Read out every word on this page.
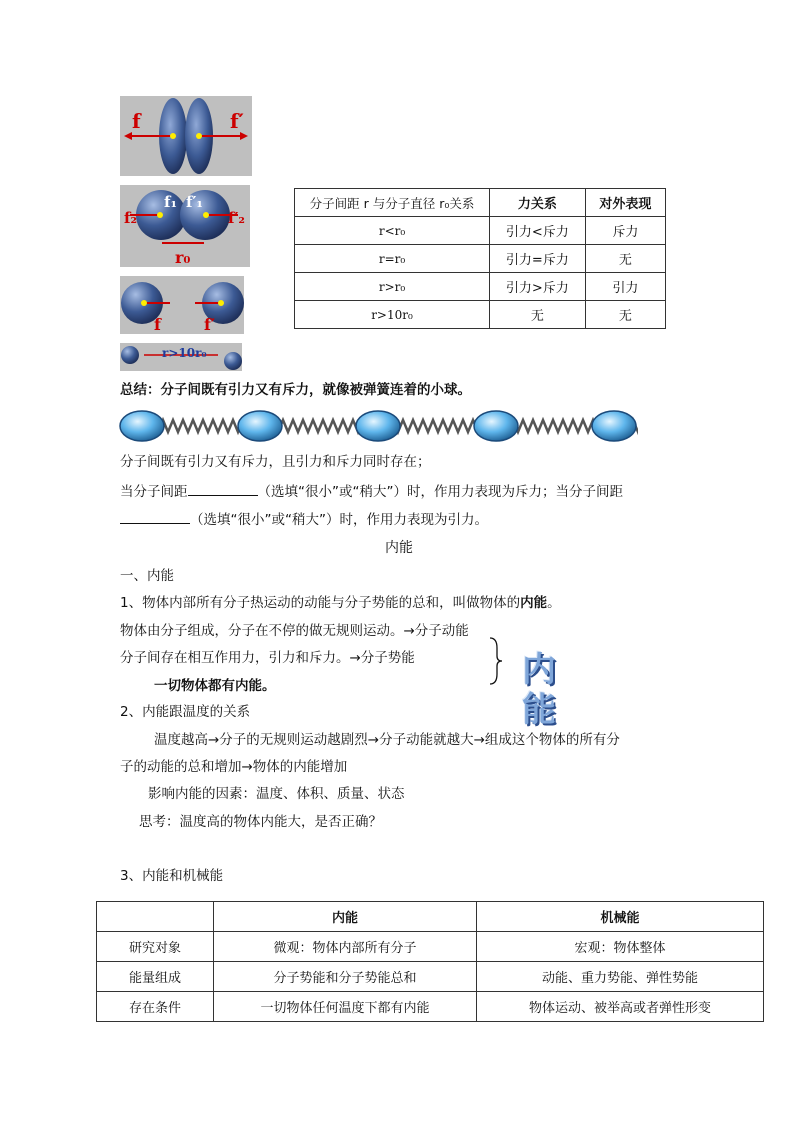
f	f′
f₁ f′₁
f₂	f′₂
r₀
f	f′
r>10r₀
分子间距 r 与分子直径 r₀关系	力关系	对外表现
r<r₀	引力<斥力	斥力
r=r₀	引力=斥力	无
r>r₀	引力>斥力	引力
r>10r₀	无	无
总结：分子间既有引力又有斥力，就像被弹簧连着的小球。
分子间既有引力又有斥力，且引力和斥力同时存在；
当分子间距	（选填“很小”或“稍大”）时，作用力表现为斥力；当分子间距
（选填“很小”或“稍大”）时，作用力表现为引力。
内能
一、内能
1、物体内部所有分子热运动的动能与分子势能的总和，叫做物体的内能。
物体由分子组成，分子在不停的做无规则运动。→分子动能
分子间存在相互作用力，引力和斥力。→分子势能
一切物体都有内能。	内
能
2、内能跟温度的关系
温度越高→分子的无规则运动越剧烈→分子动能就越大→组成这个物体的所有分
子的动能的总和增加→物体的内能增加
影响内能的因素：温度、体积、质量、状态
思考：温度高的物体内能大，是否正确？
3、内能和机械能
	内能	机械能
研究对象	微观：物体内部所有分子	宏观：物体整体
能量组成	分子势能和分子势能总和	动能、重力势能、弹性势能
存在条件	一切物体任何温度下都有内能	物体运动、被举高或者弹性形变
